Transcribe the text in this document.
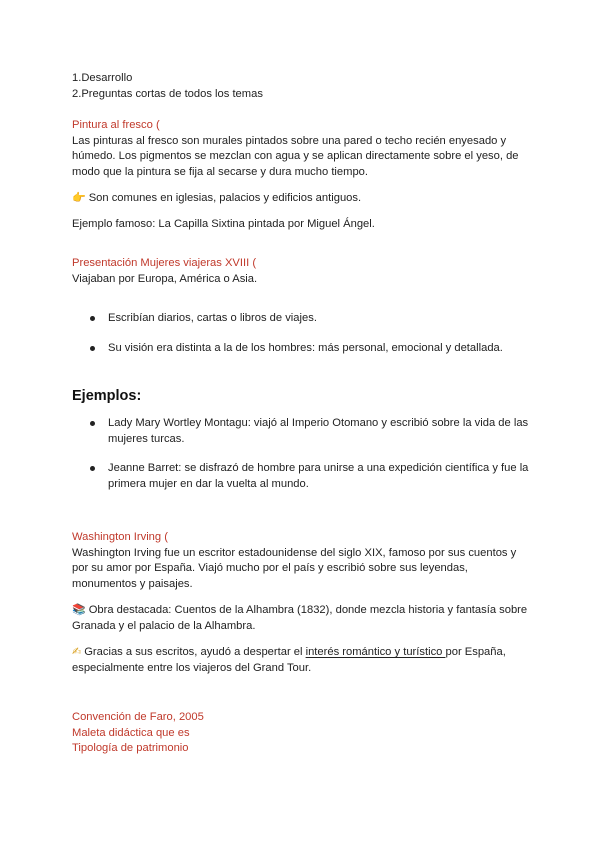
1.Desarrollo

2.Preguntas cortas de todos los temas

Pintura al fresco (

Las pinturas al fresco son murales pintados sobre una pared o techo recién enyesado y húmedo. Los pigmentos se mezclan con agua y se aplican directamente sobre el yeso, de modo que la pintura se fija al secarse y dura mucho tiempo.

👉 Son comunes en iglesias, palacios y edificios antiguos.

Ejemplo famoso: La Capilla Sixtina pintada por Miguel Ángel.

Presentación Mujeres viajeras XVIII (

Viajaban por Europa, América o Asia.

Escribían diarios, cartas o libros de viajes.
Su visión era distinta a la de los hombres: más personal, emocional y detallada.
Ejemplos:
Lady Mary Wortley Montagu: viajó al Imperio Otomano y escribió sobre la vida de las mujeres turcas.
Jeanne Barret: se disfrazó de hombre para unirse a una expedición científica y fue la primera mujer en dar la vuelta al mundo.

Washington Irving (

Washington Irving fue un escritor estadounidense del siglo XIX, famoso por sus cuentos y por su amor por España. Viajó mucho por el país y escribió sobre sus leyendas, monumentos y paisajes.

📚 Obra destacada: Cuentos de la Alhambra (1832), donde mezcla historia y fantasía sobre Granada y el palacio de la Alhambra.

✍ Gracias a sus escritos, ayudó a despertar el interés romántico y turístico por España, especialmente entre los viajeros del Grand Tour.

Convención de Faro, 2005

Maleta didáctica que es

Tipología de patrimonio
